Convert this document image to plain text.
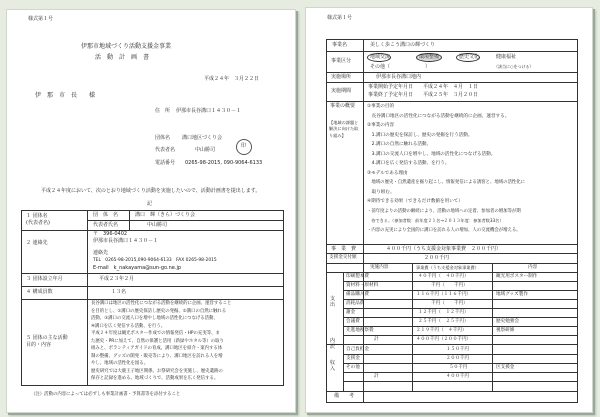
様式第１号
伊那市地域づくり活動支援金事業
活　動　計　画　書
平成２４年　３月２２日
伊　那　市　長　　様
住　所 伊那市長谷溝口１４３０－１
団体名 溝口地区づくり会
代表者名	中山勝司
印
電話番号 0265-98-2015, 090-9064-6133
平成２４年度において、次のとおり地域づくり活動を実施したいので、活動計画書を提出します。
記
１ 団体名
(代表者名)
団　体　名	溝口　輝（きら）づくり会
代表者氏名	中山勝司
２ 連絡先
〒　396-0402
伊那市長谷溝口１４３０－１
連絡先
TEL　0265-98-2015,090-9064-6133　FAX 0265-98-2015
E-mail　k_nakayama@sun-go.ne.jp
３ 団体設立年月	平成２３年２月
４ 構成員数	１３名
５ 団体の主な活動
目的・内容
長谷溝口は地区の活性化につながる活動を継続的に企画、運営すること
を目的とし、①溝口の歴史探訪し歴史の発掘、②溝口の自然に触れる
活動、③溝口の交流人口を増やし地域の活性化につなげる活動、
④溝口を広く発信する活動、を行う。
平成２４年度は観光ポスター作成での情報発信・HPの充実等、ま
た歴史・PRに加えて、自然の保護と活用（新緑やホタル等）の取り
組みと、ボランティアガイドの育成、溝口地区を紹介・案内する体
制の整備、グッズの開発・販売等により、溝口地区を訪れる人を増
やし、地域の活性化を図る。
歴史研究では大鹿王子地区関係、お祭研究会を実施し、歴史遺跡の
保存と記録を進める。地域づくりで、活動成果を広く発信する。
（注）活動の内容によっては必ずしも事業計画書・予算書等を添付すること
様式第１号
事業名	美しく歩こう溝口の輝づくり
事業区分
地域交流	環境整備	歴史文化	健康福祉
その他（　　　　　　　）	（該当に○をつける）
実施場所	伊那市長谷溝口地内
実施期間
事業開始予定年月日　　平成２４年　４月　１日
事業終了予定年月日　　平成２５年　３月２０日
事業の概要
【地域の課題と解決に向けた取り組み】
①事業の目的
　長谷溝口地区の活性化につながる活動を継続的に企画、運営する。
②事業の内容
　1.溝口の歴史を探訪し、歴史の発掘を行う活動。
　2.溝口の自然に触れる活動。
　3.溝口の交流人口を増やし、地域の活性化につなげる活動。
　4.溝口を広く発信する活動、を行う。
③モデルである理由
　地域の歴史・自然遺産を掘り起こし、情報発信による誘客と、地域の活性化に
　取り組む。
④期待できる効果（できるだけ数値を用いて）
・前年度よりの活動の継続により、活動の地域への定着、参加者の増加等が期
　待できる。（参加者数：前年度２１名→２０１３年度：参加者数33名）
・内容の充実により全国的に溝口を訪れる人の増加、人の交流機会が増える。
事　業　費	４００千円（うち支援金対象事業費　２００千円）
支援金交付額	２００千円
実施内容	事業費（うち支援金対象事業費）	内容
支出
内訳
収入
印刷製本費	４０千円（　４０千円）	観光用ポスター制作
資材料・原材料	千円（　　千円）
備品購入費	１１６千円（１１６千円）	地域グッズ製作
消耗品費	千円（　　千円）
謝金	１２千円（　１２千円）
会議費	２５千円（　２５千円）	歴史勉強会
先進地視察費	２１９千円（　４千円）	視察研修
計	４００千円（２００千円）
自己負担金	１５０千円
支援金	２００千円
その他	５０千円	区支援金
計	４００千円
備　　考
